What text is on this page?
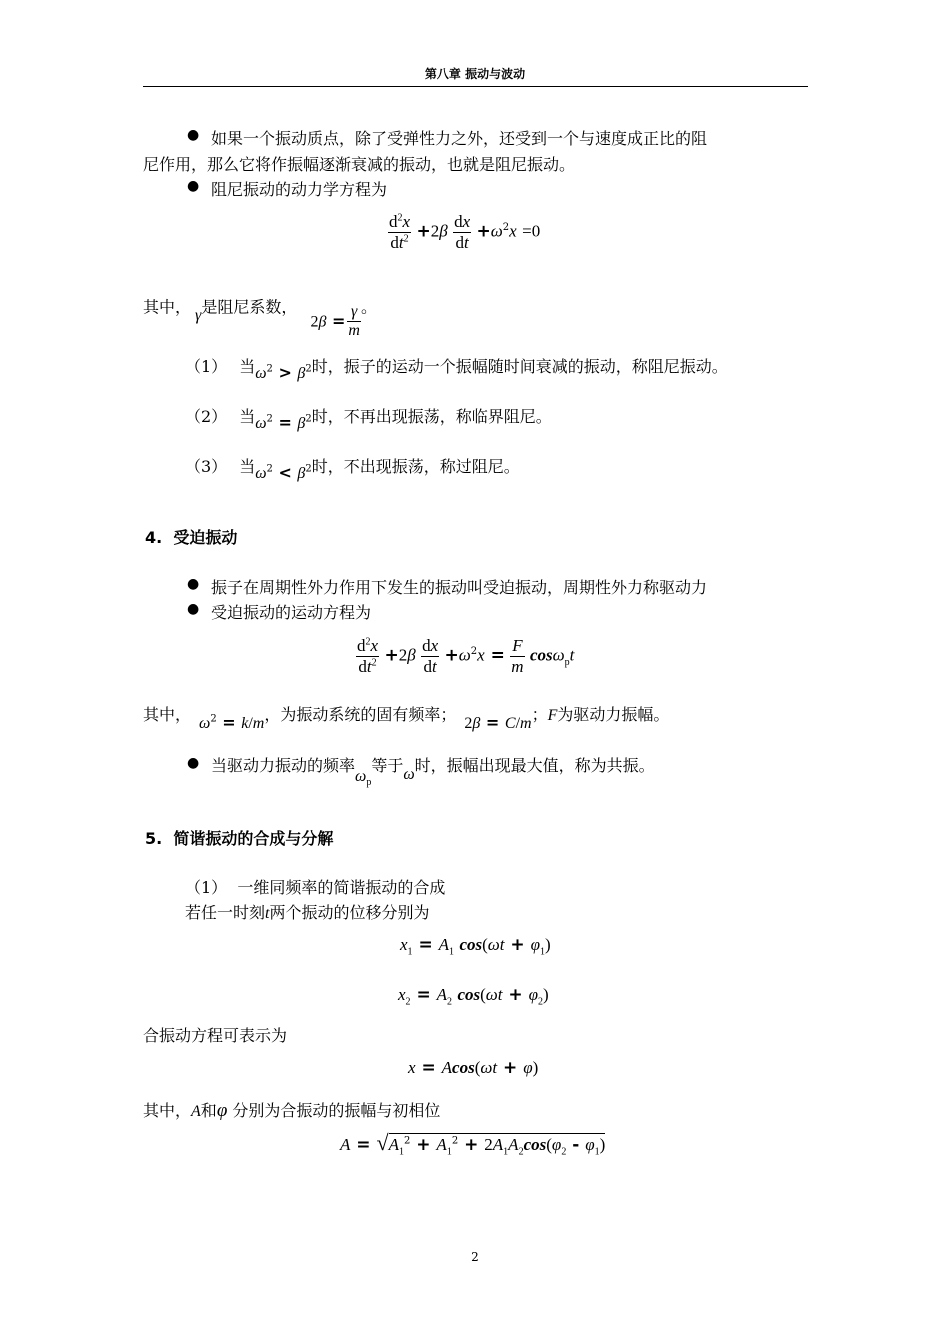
第八章 振动与波动
● 如果一个振动质点，除了受弹性力之外，还受到一个与速度成正比的阻
尼作用，那么它将作振幅逐渐衰减的振动，也就是阻尼振动。
● 阻尼振动的动力学方程为
$\frac{d^2x}{dt^2} +2\beta \frac{dx}{dt} +\omega^2x =0$
其中， γ是阻尼系数， $2\beta = \frac{\gamma}{m}$ 。
（1） 当$\omega^2 > \beta^2$时，振子的运动一个振幅随时间衰减的振动，称阻尼振动。
（2） 当$\omega^2 = \beta^2$时，不再出现振荡，称临界阻尼。
（3） 当$\omega^2 < \beta^2$时，不出现振荡，称过阻尼。
4.  受迫振动
● 振子在周期性外力作用下发生的振动叫受迫振动，周期性外力称驱动力
● 受迫振动的运动方程为
$\frac{d^2x}{dt^2} +2\beta \frac{dx}{dt} +\omega^2x = \frac{F}{m} \cos\omega_pt$
其中， $\omega^2 = k/m$，为振动系统的固有频率； 2β = C/m；F为驱动力振幅。
● 当驱动力振动的频率$\omega_p$等于ω时，振幅出现最大值，称为共振。
5.  简谐振动的合成与分解
（1）  一维同频率的简谐振动的合成
若任一时刻t两个振动的位移分别为
$x_1 = A_1$ $\cos(\omega t + \varphi_1)$
$x_2 = A_2$ $\cos(\omega t + \varphi_2)$
合振动方程可表示为
x = Acos(ωt + φ)
其中，A和φ 分别为合振动的振幅与初相位
$A = √A_1^2 + A_1^2 + 2A_1A_2\cos(\varphi_2 - \varphi_1)$
2
